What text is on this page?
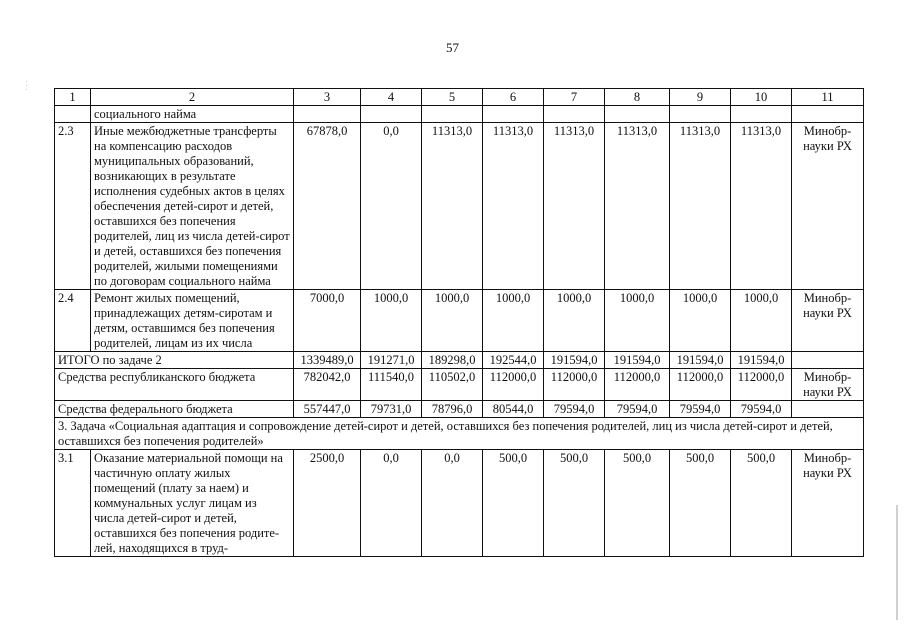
57
· · ·
1	2	3	4	5	6	7	8	9	10	11
	социального найма									
2.3	Иные межбюджетные трансферты на компенсацию расходов муниципальных образований, возникающих в результате исполнения судебных актов в целях обеспечения детей-сирот и детей, оставшихся без попечения родителей, лиц из числа детей-сирот и детей, оставшихся без попечения родителей, жилыми помещениями по договорам социального найма	67878,0	0,0	11313,0	11313,0	11313,0	11313,0	11313,0	11313,0	Минобр-науки РХ
2.4	Ремонт жилых помещений, принадлежащих детям-сиротам и детям, оставшимся без попечения родителей, лицам из их числа	7000,0	1000,0	1000,0	1000,0	1000,0	1000,0	1000,0	1000,0	Минобр-науки РХ
ИТОГО по задаче 2		1339489,0	191271,0	189298,0	192544,0	191594,0	191594,0	191594,0	191594,0	
Средства республиканского бюджета		782042,0	111540,0	110502,0	112000,0	112000,0	112000,0	112000,0	112000,0	Минобр-науки РХ
Средства федерального бюджета		557447,0	79731,0	78796,0	80544,0	79594,0	79594,0	79594,0	79594,0	
3. Задача «Социальная адаптация и сопровождение детей-сирот и детей, оставшихся без попечения родителей, лиц из числа детей-сирот и детей, оставшихся без попечения родителей»										
3.1	Оказание материальной помощи на частичную оплату жилых помещений (плату за наем) и коммунальных услуг лицам из числа детей-сирот и детей, оставшихся без попечения родите-лей, находящихся в труд-	2500,0	0,0	0,0	500,0	500,0	500,0	500,0	500,0	Минобр-науки РХ
